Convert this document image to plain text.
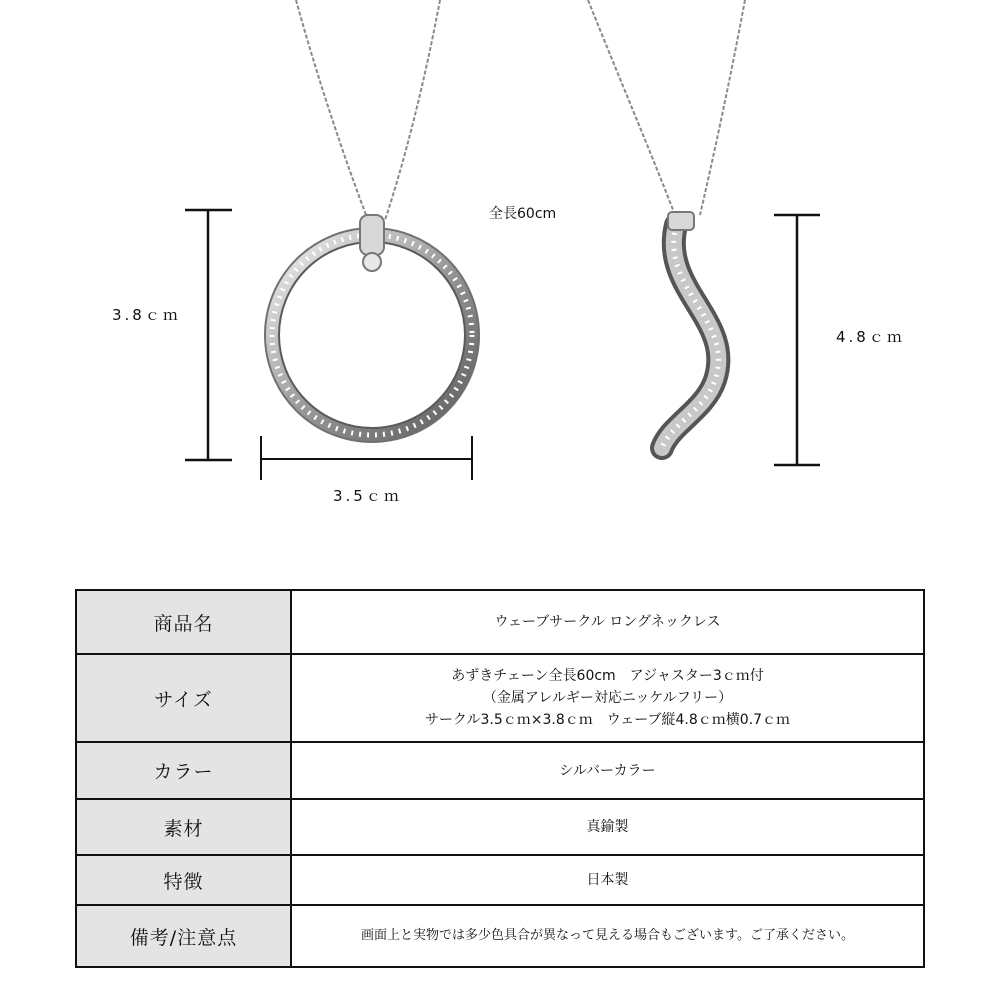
3.8ｃｍ
3.5ｃｍ
全長60cm
4.8ｃｍ
商品名	ウェーブサークル ロングネックレス

サイズ	あずきチェーン全長60cm　アジャスター3ｃｍ付
（金属アレルギー対応ニッケルフリー）
サークル3.5ｃｍ×3.8ｃｍ　ウェーブ縦4.8ｃｍ横0.7ｃｍ

カラー	シルバーカラー

素材	真鍮製

特徴	日本製

備考/注意点	画面上と実物では多少色具合が異なって見える場合もございます。ご了承ください。
